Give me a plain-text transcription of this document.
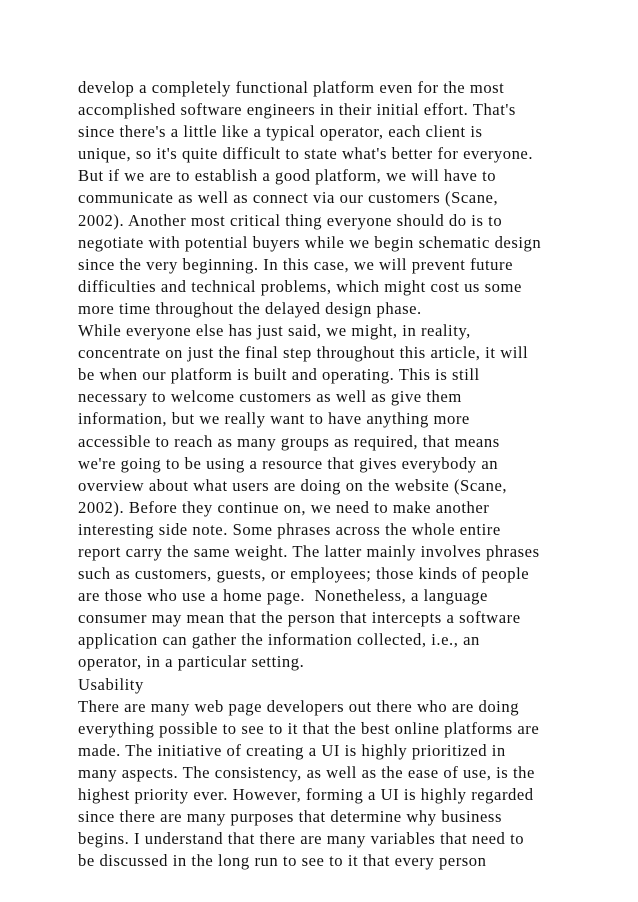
develop a completely functional platform even for the most
accomplished software engineers in their initial effort. That's
since there's a little like a typical operator, each client is
unique, so it's quite difficult to state what's better for everyone.
But if we are to establish a good platform, we will have to
communicate as well as connect via our customers (Scane,
2002). Another most critical thing everyone should do is to
negotiate with potential buyers while we begin schematic design
since the very beginning. In this case, we will prevent future
difficulties and technical problems, which might cost us some
more time throughout the delayed design phase.
While everyone else has just said, we might, in reality,
concentrate on just the final step throughout this article, it will
be when our platform is built and operating. This is still
necessary to welcome customers as well as give them
information, but we really want to have anything more
accessible to reach as many groups as required, that means
we're going to be using a resource that gives everybody an
overview about what users are doing on the website (Scane,
2002). Before they continue on, we need to make another
interesting side note. Some phrases across the whole entire
report carry the same weight. The latter mainly involves phrases
such as customers, guests, or employees; those kinds of people
are those who use a home page.  Nonetheless, a language
consumer may mean that the person that intercepts a software
application can gather the information collected, i.e., an
operator, in a particular setting.
Usability
There are many web page developers out there who are doing
everything possible to see to it that the best online platforms are
made. The initiative of creating a UI is highly prioritized in
many aspects. The consistency, as well as the ease of use, is the
highest priority ever. However, forming a UI is highly regarded
since there are many purposes that determine why business
begins. I understand that there are many variables that need to
be discussed in the long run to see to it that every person
